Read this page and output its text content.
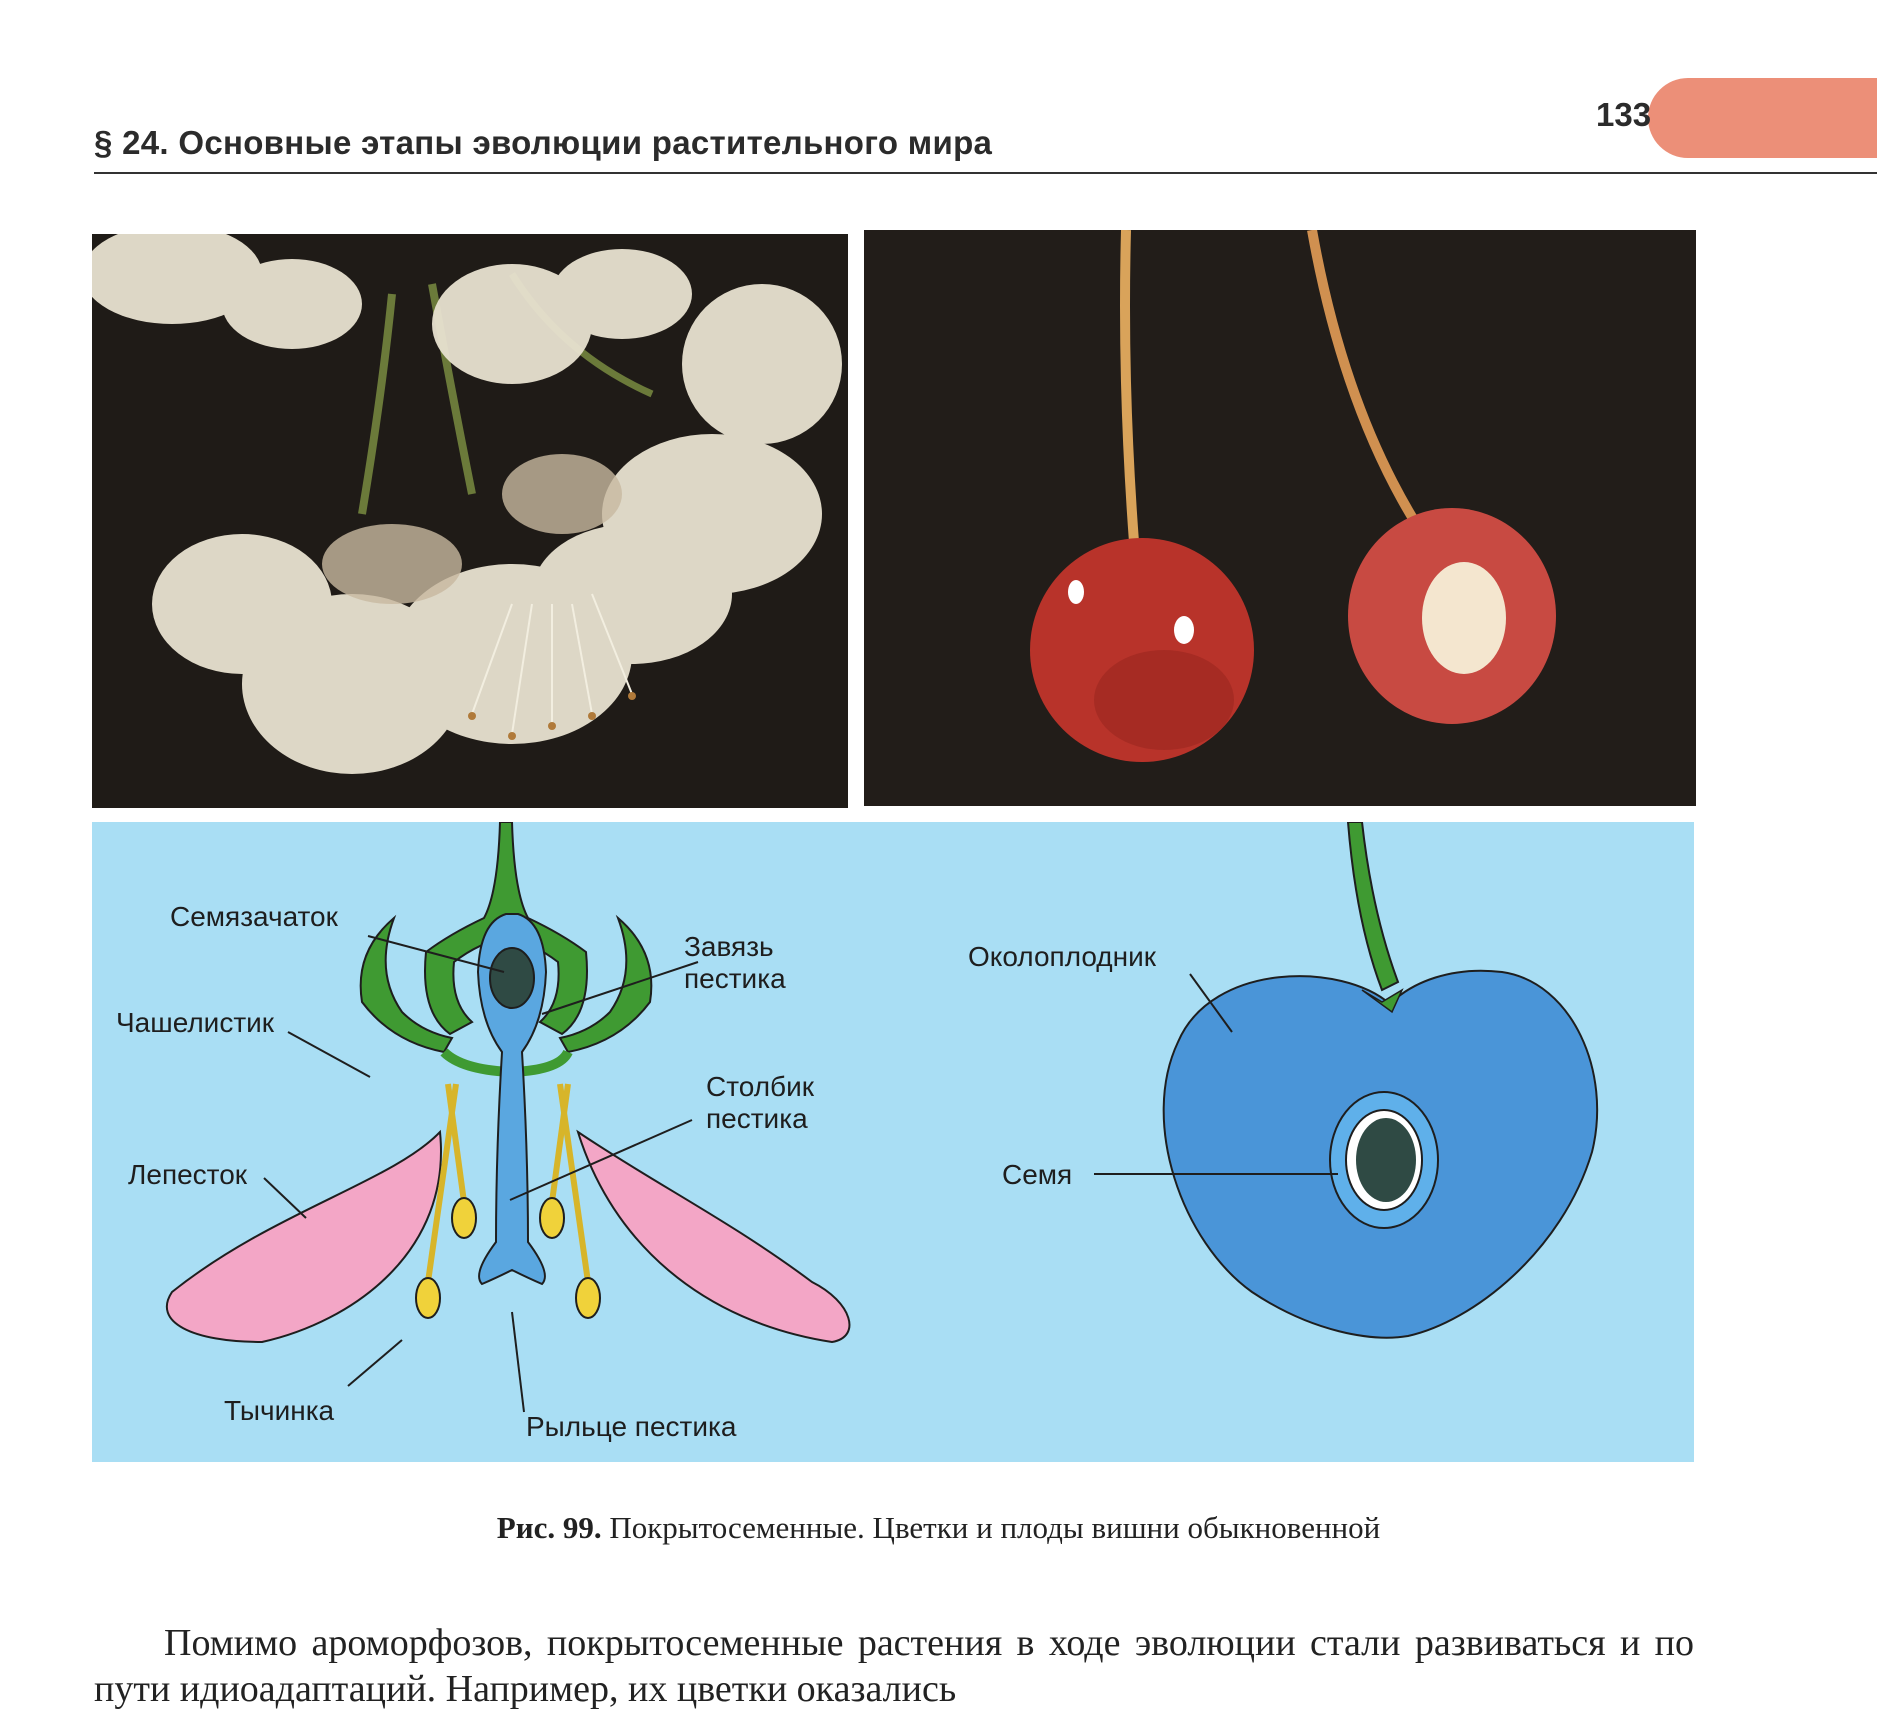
§ 24. Основные этапы эволюции растительного мира
133
Семязачаток
Завязь
пестика
Чашелистик
Столбик
пестика
Лепесток
Тычинка
Рыльце пестика
Околоплодник
Семя
Рис. 99. Покрытосеменные. Цветки и плоды вишни обыкновенной

Помимо ароморфозов, покрытосеменные растения в ходе эволюции стали развиваться и по пути идиоадаптаций. Например, их цветки оказались
